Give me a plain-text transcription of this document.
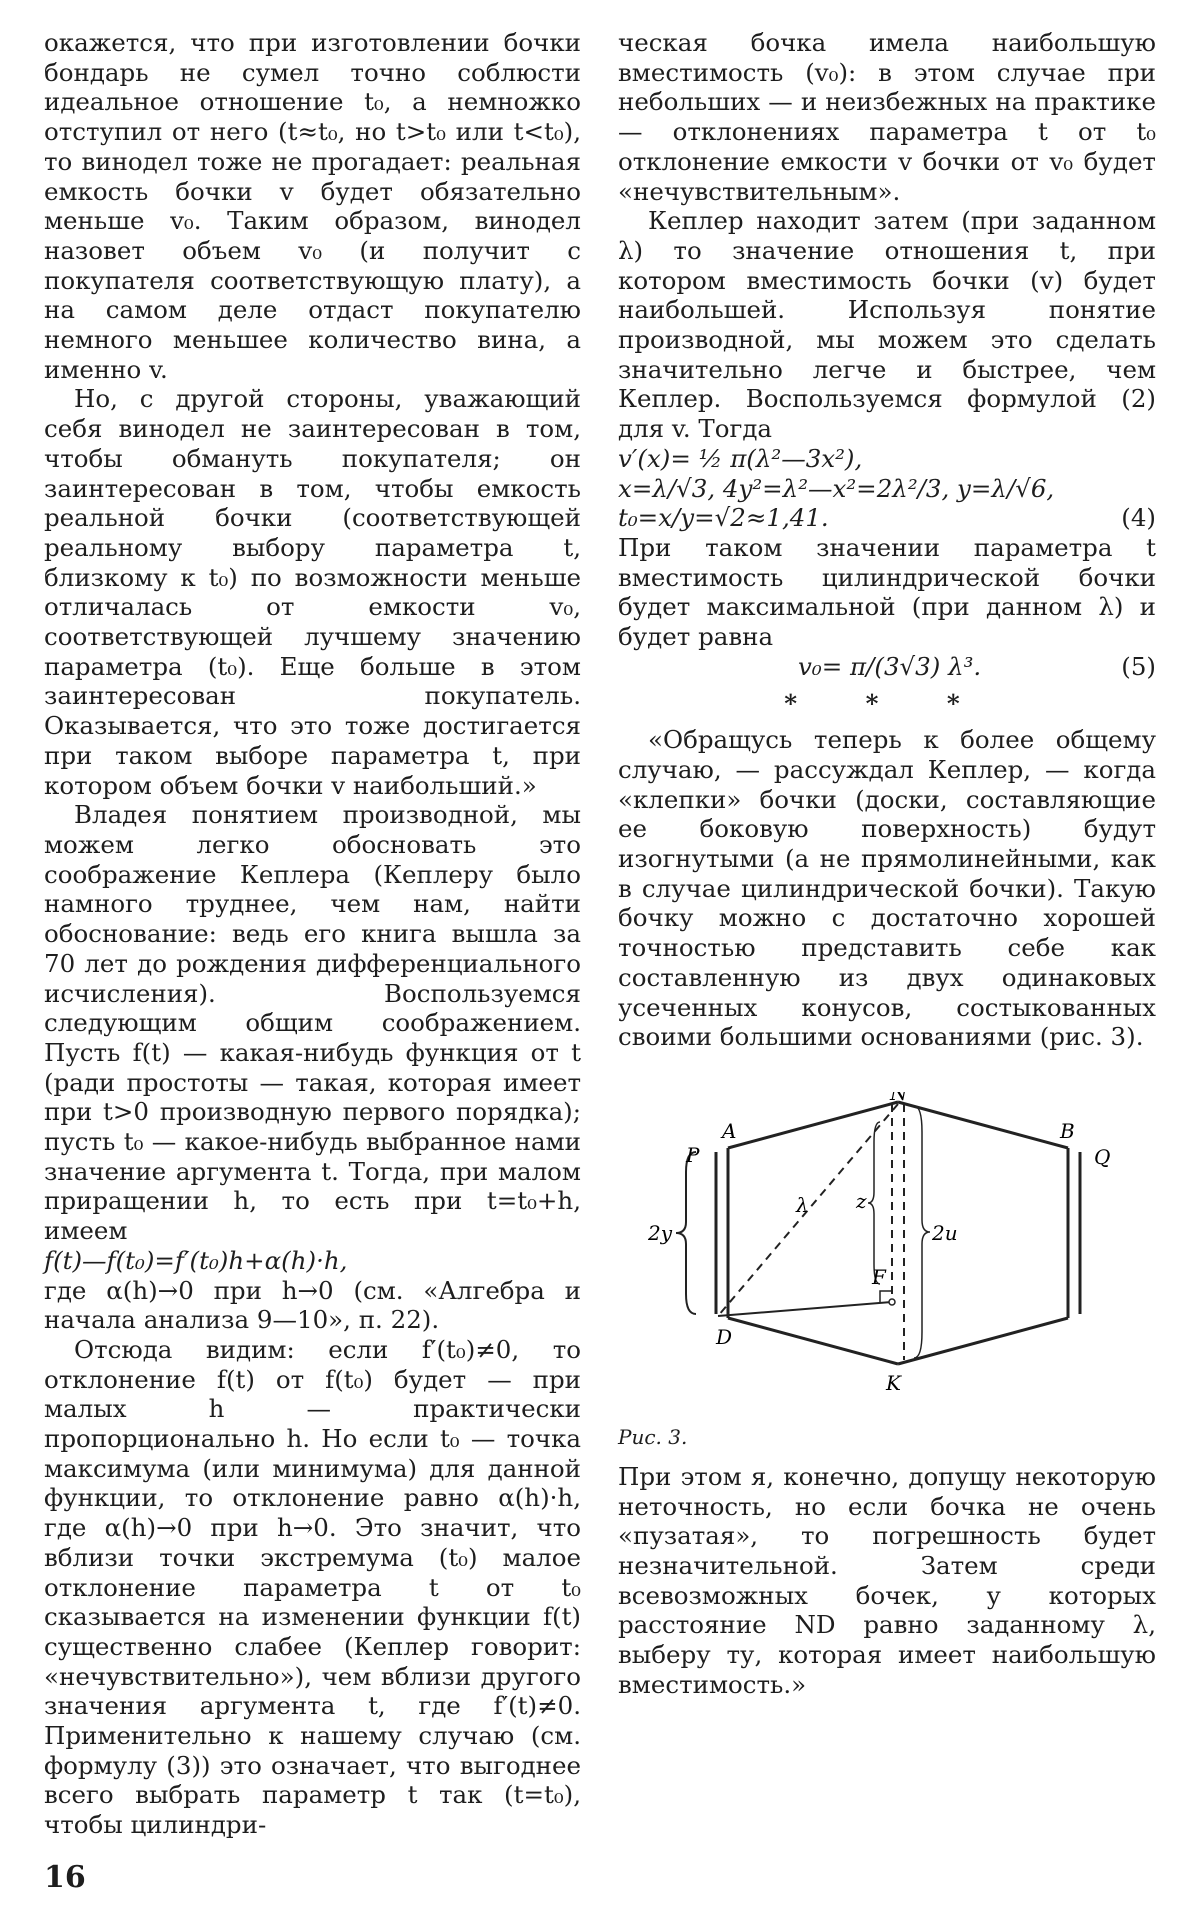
окажется, что при изготовлении бочки бондарь не сумел точно соблюсти идеальное отношение t₀, а немножко отступил от него (t≈t₀, но t>t₀ или t<t₀), то винодел тоже не прогадает: реальная емкость бочки v будет обязательно меньше v₀. Таким образом, винодел назовет объем v₀ (и получит с покупателя соответствующую плату), а на самом деле отдаст покупателю немного меньшее количество вина, а именно v.

Но, с другой стороны, уважающий себя винодел не заинтересован в том, чтобы обмануть покупателя; он заинтересован в том, чтобы емкость реальной бочки (соответствующей реальному выбору параметра t, близкому к t₀) по возможности меньше отличалась от емкости v₀, соответствующей лучшему значению параметра (t₀). Еще больше в этом заинтересован покупатель. Оказывается, что это тоже достигается при таком выборе параметра t, при котором объем бочки v наибольший.»

Владея понятием производной, мы можем легко обосновать это соображение Кеплера (Кеплеру было намного труднее, чем нам, найти обоснование: ведь его книга вышла за 70 лет до рождения дифференциального исчисления). Воспользуемся следующим общим соображением. Пусть f(t) — какая-нибудь функция от t (ради простоты — такая, которая имеет при t>0 производную первого порядка); пусть t₀ — какое-нибудь выбранное нами значение аргумента t. Тогда, при малом приращении h, то есть при t=t₀+h, имеем

f(t)—f(t₀)=f′(t₀)h+α(h)·h,

где α(h)→0 при h→0 (см. «Алгебра и начала анализа 9—10», п. 22).

Отсюда видим: если f′(t₀)≠0, то отклонение f(t) от f(t₀) будет — при малых h — практически пропорционально h. Но если t₀ — точка максимума (или минимума) для данной функции, то отклонение равно α(h)·h, где α(h)→0 при h→0. Это значит, что вблизи точки экстремума (t₀) малое отклонение параметра t от t₀ сказывается на изменении функции f(t) существенно слабее (Кеплер говорит: «нечувствительно»), чем вблизи другого значения аргумента t, где f′(t)≠0. Применительно к нашему случаю (см. формулу (3)) это означает, что выгоднее всего выбрать параметр t так (t=t₀), чтобы цилиндри-

ческая бочка имела наибольшую вместимость (v₀): в этом случае при небольших — и неизбежных на практике — отклонениях параметра t от t₀ отклонение емкости v бочки от v₀ будет «нечувствительным».

Кеплер находит затем (при заданном λ) то значение отношения t, при котором вместимость бочки (v) будет наибольшей. Используя понятие производной, мы можем это сделать значительно легче и быстрее, чем Кеплер. Воспользуемся формулой (2) для v. Тогда

v′(x)= ½ π(λ²—3x²),

x=λ/√3, 4y²=λ²—x²=2λ²/3, y=λ/√6,

t₀=x/y=√2≈1,41.	(4)

При таком значении параметра t вместимость цилиндрической бочки будет максимальной (при данном λ) и будет равна

v₀= π/(3√3) λ³.	(5)
* * *

«Обращусь теперь к более общему случаю, — рассуждал Кеплер, — когда «клепки» бочки (доски, составляющие ее боковую поверхность) будут изогнутыми (а не прямолинейными, как в случае цилиндрической бочки). Такую бочку можно с достаточно хорошей точностью представить себе как составленную из двух одинаковых усеченных конусов, состыкованных своими большими основаниями (рис. 3).

N
A	B
P	Q
D
K
F
λ z
2y	2u
Рис. 3.

При этом я, конечно, допущу некоторую неточность, но если бочка не очень «пузатая», то погрешность будет незначительной. Затем среди всевозможных бочек, у которых расстояние ND равно заданному λ, выберу ту, которая имеет наибольшую вместимость.»

16
